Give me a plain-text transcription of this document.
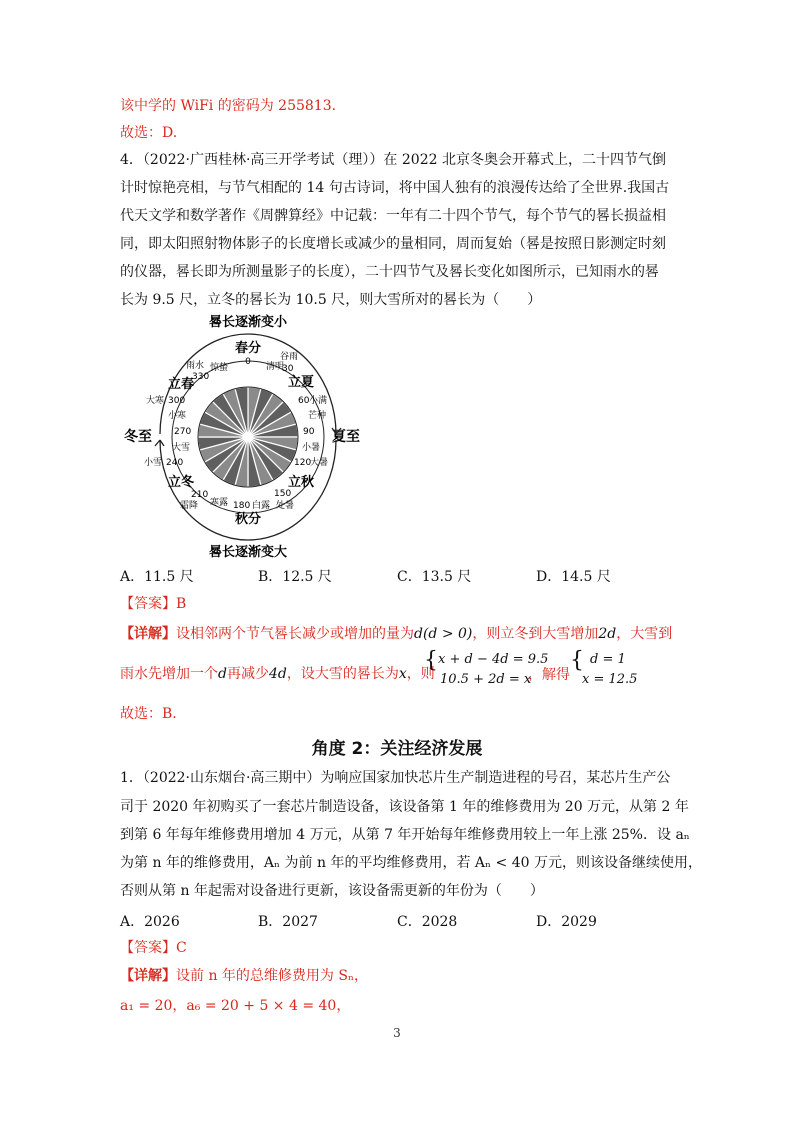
该中学的 WiFi 的密码为 255813.
故选：D.
4．（2022·广西桂林·高三开学考试（理））在 2022 北京冬奥会开幕式上，二十四节气倒
计时惊艳亮相，与节气相配的 14 句古诗词，将中国人独有的浪漫传达给了全世界.我国古
代天文学和数学著作《周髀算经》中记载：一年有二十四个节气，每个节气的晷长损益相
同，即太阳照射物体影子的长度增长或减少的量相同，周而复始（晷是按照日影测定时刻
的仪器，晷长即为所测量影子的长度），二十四节气及晷长变化如图所示，已知雨水的晷
长为 9.5 尺，立冬的晷长为 10.5 尺，则大雪所对的晷长为（　　）
晷长逐渐变小
晷长逐渐变大
冬至	夏至
春分
0 清明
谷雨
30
立夏
60 小满
芒种
90
小暑
120
大暑
立秋
150
处暑
白露
180
秋分
寒露
210
霜降
立冬
小雪 240
大雪
270
小寒
大寒 300
立春
330
雨水 惊蛰
A．11.5 尺	B．12.5 尺	C．13.5 尺	D．14.5 尺
【答案】B
【详解】设相邻两个节气晷长减少或增加的量为d(d > 0)，则立冬到大雪增加2d，大雪到
雨水先增加一个d再减少4d，设大雪的晷长为x，则
{ x + d − 4d = 9.5
10.5 + 2d = x
，解得
{ d = 1
x = 12.5
故选：B.
角度 2：关注经济发展
1．（2022·山东烟台·高三期中）为响应国家加快芯片生产制造进程的号召，某芯片生产公
司于 2020 年初购买了一套芯片制造设备，该设备第 1 年的维修费用为 20 万元，从第 2 年
到第 6 年每年维修费用增加 4 万元，从第 7 年开始每年维修费用较上一年上涨 25%．设 aₙ
为第 n 年的维修费用，Aₙ 为前 n 年的平均维修费用，若 Aₙ < 40 万元，则该设备继续使用，
否则从第 n 年起需对设备进行更新，该设备需更新的年份为（　　）
A．2026	B．2027	C．2028	D．2029
【答案】C
【详解】设前 n 年的总维修费用为 Sₙ，
a₁ = 20，a₆ = 20 + 5 × 4 = 40，
3
